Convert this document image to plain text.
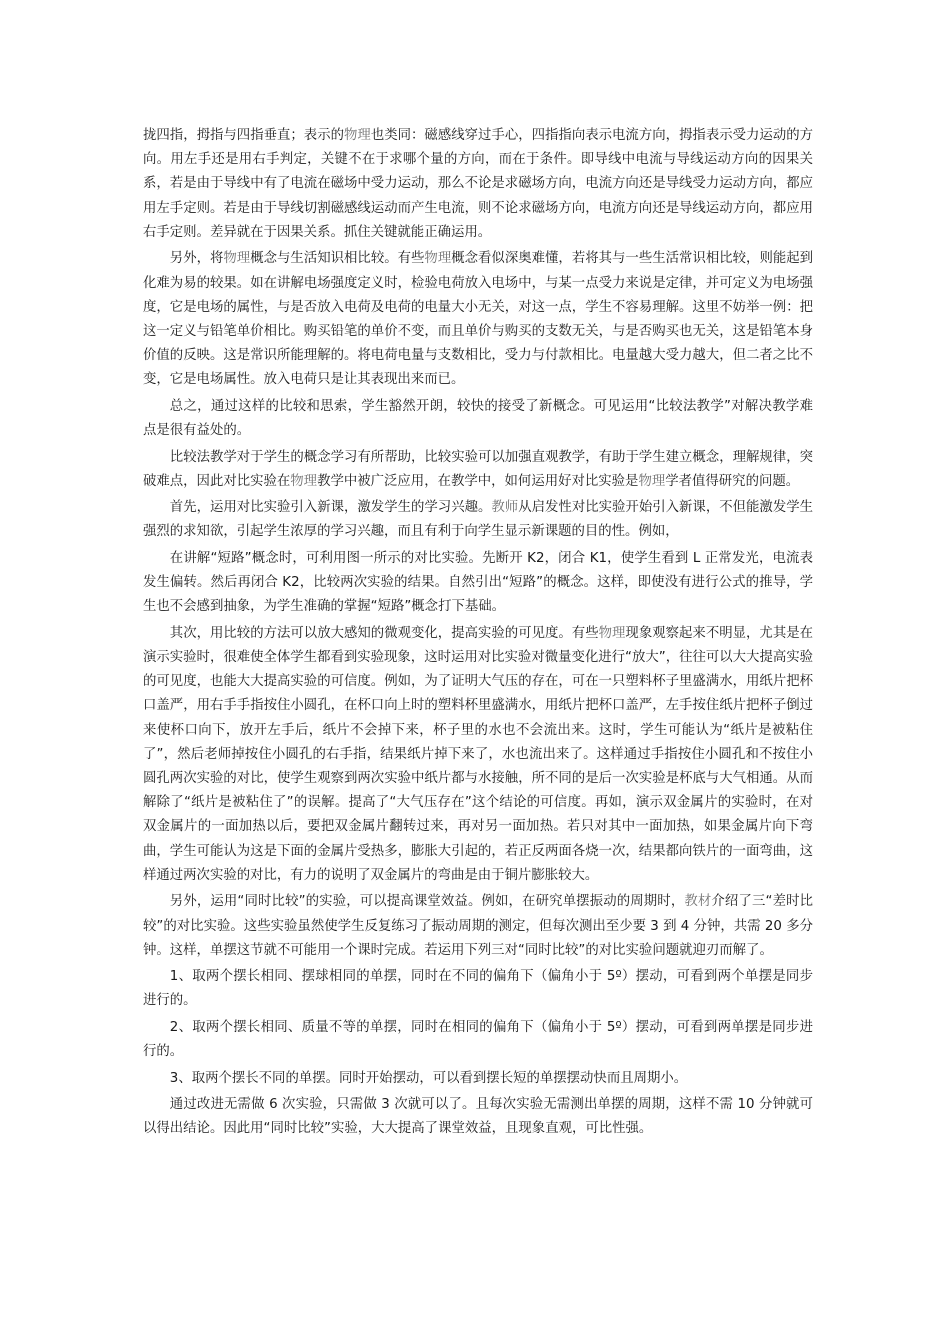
拢四指，拇指与四指垂直；表示的物理也类同：磁感线穿过手心，四指指向表示电流方向，拇指表示受力运动的方向。用左手还是用右手判定，关键不在于求哪个量的方向，而在于条件。即导线中电流与导线运动方向的因果关系，若是由于导线中有了电流在磁场中受力运动，那么不论是求磁场方向，电流方向还是导线受力运动方向，都应用左手定则。若是由于导线切割磁感线运动而产生电流，则不论求磁场方向，电流方向还是导线运动方向，都应用右手定则。差异就在于因果关系。抓住关键就能正确运用。

另外，将物理概念与生活知识相比较。有些物理概念看似深奥难懂，若将其与一些生活常识相比较，则能起到化难为易的较果。如在讲解电场强度定义时，检验电荷放入电场中，与某一点受力来说是定律，并可定义为电场强度，它是电场的属性，与是否放入电荷及电荷的电量大小无关，对这一点，学生不容易理解。这里不妨举一例：把这一定义与铅笔单价相比。购买铅笔的单价不变，而且单价与购买的支数无关，与是否购买也无关，这是铅笔本身价值的反映。这是常识所能理解的。将电荷电量与支数相比，受力与付款相比。电量越大受力越大，但二者之比不变，它是电场属性。放入电荷只是让其表现出来而已。

总之，通过这样的比较和思索，学生豁然开朗，较快的接受了新概念。可见运用“比较法教学”对解决教学难点是很有益处的。

比较法教学对于学生的概念学习有所帮助，比较实验可以加强直观教学，有助于学生建立概念，理解规律，突破难点，因此对比实验在物理教学中被广泛应用，在教学中，如何运用好对比实验是物理学者值得研究的问题。

首先，运用对比实验引入新课，激发学生的学习兴趣。教师从启发性对比实验开始引入新课，不但能激发学生强烈的求知欲，引起学生浓厚的学习兴趣，而且有利于向学生显示新课题的目的性。例如，

在讲解“短路”概念时，可利用图一所示的对比实验。先断开 K2，闭合 K1，使学生看到 L 正常发光，电流表发生偏转。然后再闭合 K2，比较两次实验的结果。自然引出“短路”的概念。这样，即使没有进行公式的推导，学生也不会感到抽象，为学生准确的掌握“短路”概念打下基础。

其次，用比较的方法可以放大感知的微观变化，提高实验的可见度。有些物理现象观察起来不明显，尤其是在演示实验时，很难使全体学生都看到实验现象，这时运用对比实验对微量变化进行“放大”，往往可以大大提高实验的可见度，也能大大提高实验的可信度。例如，为了证明大气压的存在，可在一只塑料杯子里盛满水，用纸片把杯口盖严，用右手手指按住小圆孔，在杯口向上时的塑料杯里盛满水，用纸片把杯口盖严，左手按住纸片把杯子倒过来使杯口向下，放开左手后，纸片不会掉下来，杯子里的水也不会流出来。这时，学生可能认为“纸片是被粘住了”，然后老师掉按住小圆孔的右手指，结果纸片掉下来了，水也流出来了。这样通过手指按住小圆孔和不按住小圆孔两次实验的对比，使学生观察到两次实验中纸片都与水接触，所不同的是后一次实验是杯底与大气相通。从而解除了“纸片是被粘住了”的误解。提高了“大气压存在”这个结论的可信度。再如，演示双金属片的实验时，在对双金属片的一面加热以后，要把双金属片翻转过来，再对另一面加热。若只对其中一面加热，如果金属片向下弯曲，学生可能认为这是下面的金属片受热多，膨胀大引起的，若正反两面各烧一次，结果都向铁片的一面弯曲，这样通过两次实验的对比，有力的说明了双金属片的弯曲是由于铜片膨胀较大。

另外，运用“同时比较”的实验，可以提高课堂效益。例如，在研究单摆振动的周期时，教材介绍了三“差时比较”的对比实验。这些实验虽然使学生反复练习了振动周期的测定，但每次测出至少要 3 到 4 分钟，共需 20 多分钟。这样，单摆这节就不可能用一个课时完成。若运用下列三对“同时比较”的对比实验问题就迎刃而解了。

1、取两个摆长相同、摆球相同的单摆，同时在不同的偏角下（偏角小于 5º）摆动，可看到两个单摆是同步进行的。

2、取两个摆长相同、质量不等的单摆，同时在相同的偏角下（偏角小于 5º）摆动，可看到两单摆是同步进行的。

3、取两个摆长不同的单摆。同时开始摆动，可以看到摆长短的单摆摆动快而且周期小。

通过改进无需做 6 次实验，只需做 3 次就可以了。且每次实验无需测出单摆的周期，这样不需 10 分钟就可以得出结论。因此用“同时比较”实验，大大提高了课堂效益，且现象直观，可比性强。
